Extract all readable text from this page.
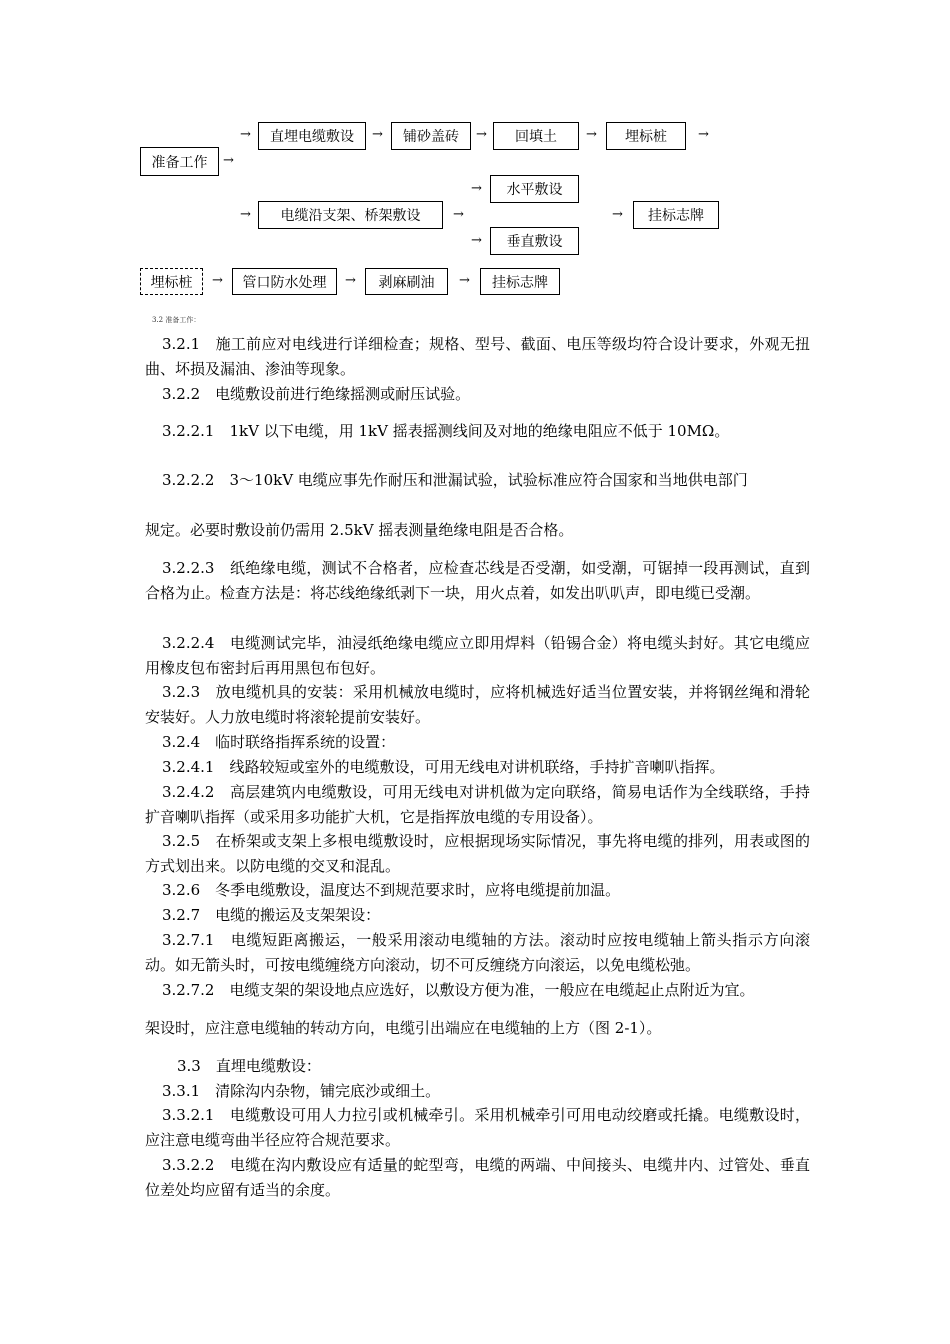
准备工作	→
→	直埋电缆敷设	→	铺砂盖砖	→	回填土	→	埋标桩	→
→	水平敷设
→	电缆沿支架、桥架敷设	→	→	挂标志牌
→	垂直敷设
埋标桩	→	管口防水处理	→	剥麻刷油	→	挂标志牌
3.2 准备工作：
3.2.1　施工前应对电线进行详细检查；规格、型号、截面、电压等级均符合设计要求，外观无扭曲、坏损及漏油、渗油等现象。
3.2.2　电缆敷设前进行绝缘摇测或耐压试验。
3.2.2.1　1kV 以下电缆，用 1kV 摇表摇测线间及对地的绝缘电阻应不低于 10MΩ。
3.2.2.2　3～10kV 电缆应事先作耐压和泄漏试验，试验标准应符合国家和当地供电部门
规定。必要时敷设前仍需用 2.5kV 摇表测量绝缘电阻是否合格。
3.2.2.3　纸绝缘电缆，测试不合格者，应检查芯线是否受潮，如受潮，可锯掉一段再测试，直到合格为止。检查方法是：将芯线绝缘纸剥下一块，用火点着，如发出叭叭声，即电缆已受潮。
3.2.2.4　电缆测试完毕，油浸纸绝缘电缆应立即用焊料（铅锡合金）将电缆头封好。其它电缆应用橡皮包布密封后再用黑包布包好。
3.2.3　放电缆机具的安装：采用机械放电缆时，应将机械选好适当位置安装，并将钢丝绳和滑轮安装好。人力放电缆时将滚轮提前安装好。
3.2.4　临时联络指挥系统的设置：
3.2.4.1　线路较短或室外的电缆敷设，可用无线电对讲机联络，手持扩音喇叭指挥。
3.2.4.2　高层建筑内电缆敷设，可用无线电对讲机做为定向联络，简易电话作为全线联络，手持扩音喇叭指挥（或采用多功能扩大机，它是指挥放电缆的专用设备）。
3.2.5　在桥架或支架上多根电缆敷设时，应根据现场实际情况，事先将电缆的排列，用表或图的方式划出来。以防电缆的交叉和混乱。
3.2.6　冬季电缆敷设，温度达不到规范要求时，应将电缆提前加温。
3.2.7　电缆的搬运及支架架设：
3.2.7.1　电缆短距离搬运，一般采用滚动电缆轴的方法。滚动时应按电缆轴上箭头指示方向滚动。如无箭头时，可按电缆缠绕方向滚动，切不可反缠绕方向滚运，以免电缆松弛。
3.2.7.2　电缆支架的架设地点应选好，以敷设方便为准，一般应在电缆起止点附近为宜。
架设时，应注意电缆轴的转动方向，电缆引出端应在电缆轴的上方（图 2-1）。
3.3　直埋电缆敷设：
3.3.1　清除沟内杂物，铺完底沙或细土。
3.3.2.1　电缆敷设可用人力拉引或机械牵引。采用机械牵引可用电动绞磨或托撬。电缆敷设时，应注意电缆弯曲半径应符合规范要求。
3.3.2.2　电缆在沟内敷设应有适量的蛇型弯，电缆的两端、中间接头、电缆井内、过管处、垂直位差处均应留有适当的余度。
